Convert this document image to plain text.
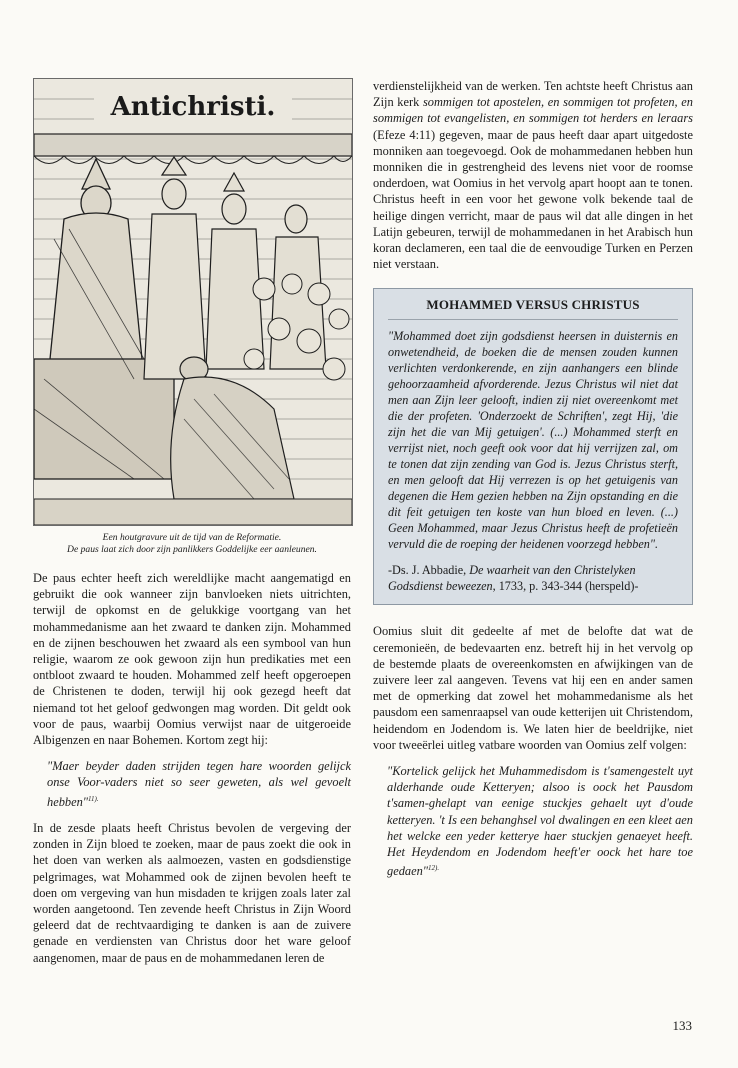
Antichristi.
Een houtgravure uit de tijd van de Reformatie.
De paus laat zich door zijn panlikkers Goddelijke eer aanleunen.

De paus echter heeft zich wereldlijke macht aangematigd en gebruikt die ook wanneer zijn banvloeken niets uitrichten, terwijl de opkomst en de gelukkige voortgang van het mohammedanisme aan het zwaard te danken zijn. Mohammed en de zijnen beschouwen het zwaard als een symbool van hun religie, waarom ze ook gewoon zijn hun predikaties met een ontbloot zwaard te houden. Mohammed zelf heeft opgeroepen de Christenen te doden, terwijl hij ook gezegd heeft dat niemand tot het geloof gedwongen mag worden. Dit geldt ook voor de paus, waarbij Oomius verwijst naar de uitgeroeide Albigenzen en naar Bohemen. Kortom zegt hij:

"Maer beyder daden strijden tegen hare woorden gelijck onse Voor-vaders niet so seer geweten, als wel gevoelt hebben"$^{11).}$

In de zesde plaats heeft Christus bevolen de vergeving der zonden in Zijn bloed te zoeken, maar de paus zoekt die ook in het doen van werken als aalmoezen, vasten en godsdienstige pelgrimages, wat Mohammed ook de zijnen bevolen heeft te doen om vergeving van hun misdaden te krijgen zoals later zal worden aangetoond. Ten zevende heeft Christus in Zijn Woord geleerd dat de rechtvaardiging te danken is aan de zuivere genade en verdiensten van Christus door het ware geloof aangenomen, maar de paus en de mohammedanen leren de

verdienstelijkheid van de werken. Ten achtste heeft Christus aan Zijn kerk sommigen tot apostelen, en sommigen tot profeten, en sommigen tot evangelisten, en sommigen tot herders en leraars (Efeze 4:11) gegeven, maar de paus heeft daar apart uitgedoste monniken aan toegevoegd. Ook de mohammedanen hebben hun monniken die in gestrengheid des levens niet voor de roomse onderdoen, wat Oomius in het vervolg apart hoopt aan te tonen. Christus heeft in een voor het gewone volk bekende taal de heilige dingen verricht, maar de paus wil dat alle dingen in het Latijn gebeuren, terwijl de mohammedanen in het Arabisch hun koran declameren, een taal die de eenvoudige Turken en Perzen niet verstaan.

MOHAMMED VERSUS CHRISTUS
"Mohammed doet zijn godsdienst heersen in duisternis en onwetendheid, de boeken die de mensen zouden kunnen verlichten verdonkerende, en zijn aanhangers een blinde gehoorzaamheid afvorderende. Jezus Christus wil niet dat men aan Zijn leer gelooft, indien zij niet overeenkomt met die der profeten. 'Onderzoekt de Schriften', zegt Hij, 'die zijn het die van Mij getuigen'. (...) Mohammed sterft en verrijst niet, noch geeft ook voor dat hij verrijzen zal, om te tonen dat zijn zending van God is. Jezus Christus sterft, en men gelooft dat Hij verrezen is op het getuigenis van degenen die Hem gezien hebben na Zijn opstanding en die dit feit getuigen ten koste van hun bloed en leven. (...) Geen Mohammed, maar Jezus Christus heeft de profetieën vervuld die de roeping der heidenen voorzegd hebben".
-Ds. J. Abbadie, De waarheit van den Christelyken Godsdienst beweezen, 1733, p. 343-344 (herspeld)-

Oomius sluit dit gedeelte af met de belofte dat wat de ceremonieën, de bedevaarten enz. betreft hij in het vervolg op de bestemde plaats de overeenkomsten en afwijkingen van de zuivere leer zal aangeven. Tevens vat hij een en ander samen met de opmerking dat zowel het mohammedanisme als het pausdom een samenraapsel van oude ketterijen uit Christendom, heidendom en Jodendom is. We laten hier de beeldrijke, niet voor tweeërlei uitleg vatbare woorden van Oomius zelf volgen:

"Kortelick gelijck het Muhammedisdom is t'samengestelt uyt alderhande oude Ketteryen; alsoo is oock het Pausdom t'samen-ghelapt van eenige stuckjes gehaelt uyt d'oude ketteryen. 't Is een behanghsel vol dwalingen en een kleet aen het welcke een yeder ketterye haer stuckjen genaeyet heeft. Het Heydendom en Jodendom heeft'er oock het hare toe gedaen"$^{12).}$
133
